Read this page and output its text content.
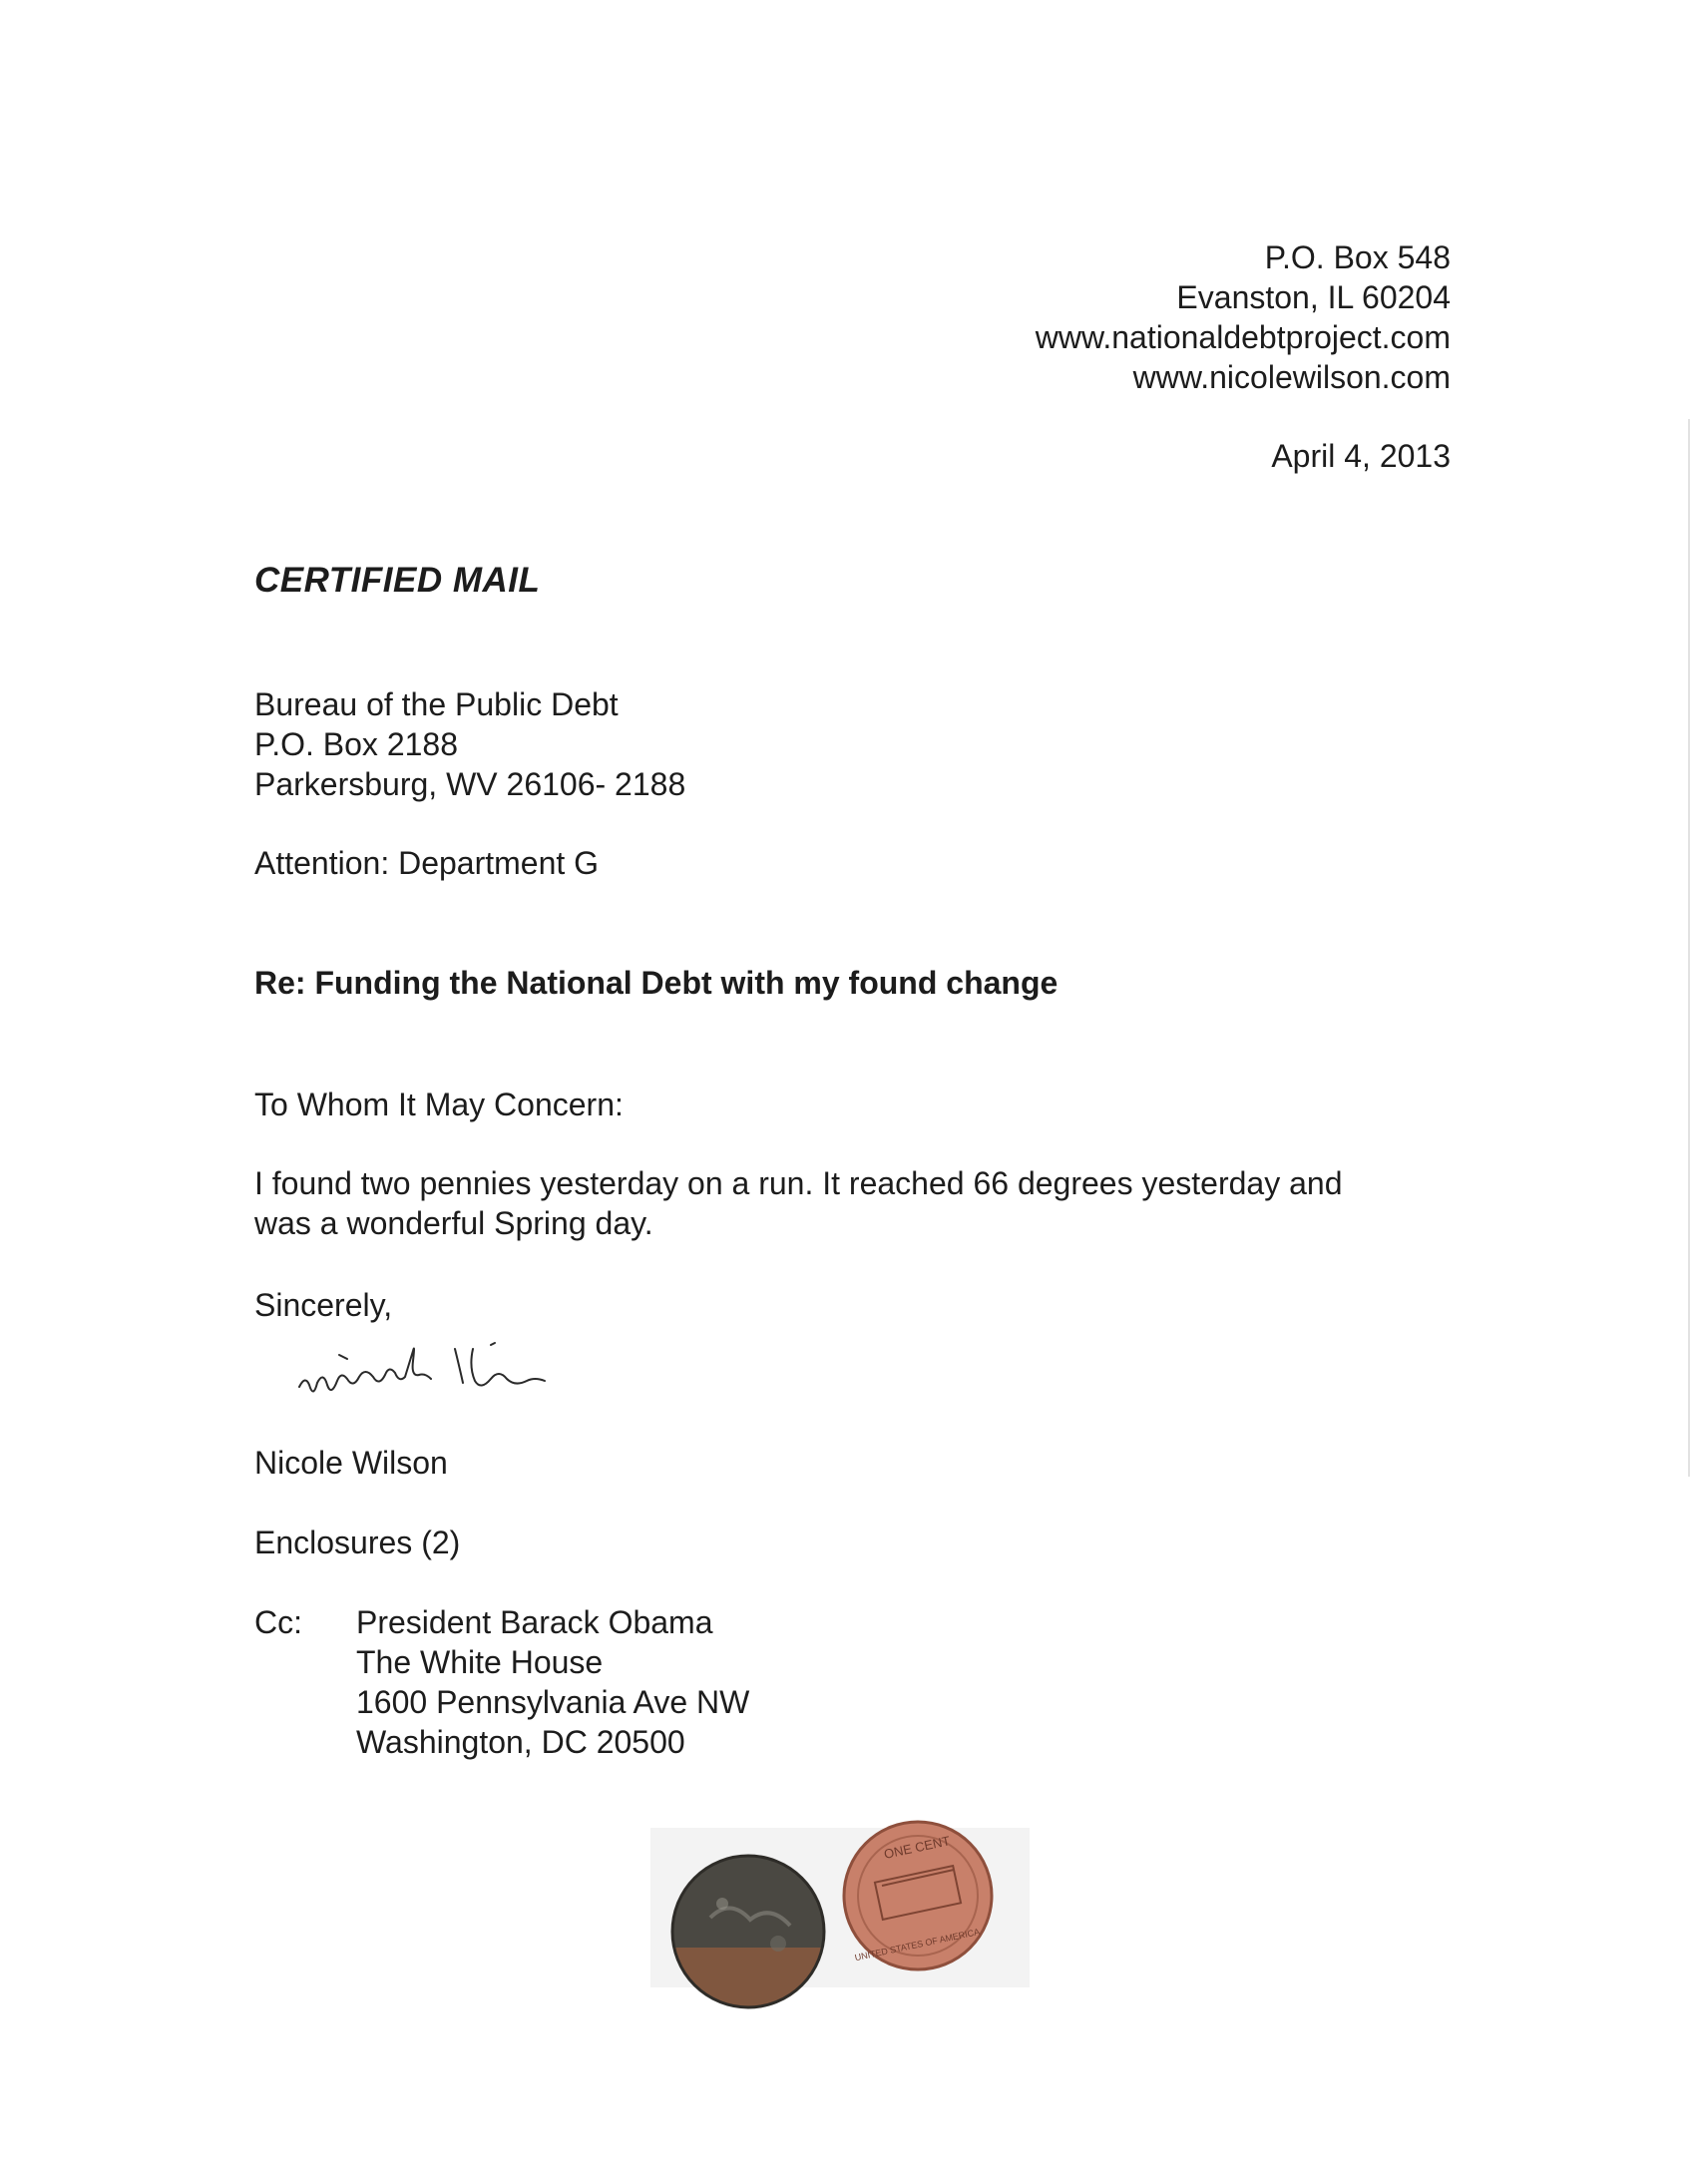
P.O. Box 548
Evanston, IL 60204
www.nationaldebtproject.com
www.nicolewilson.com
April 4, 2013
CERTIFIED MAIL
Bureau of the Public Debt
P.O. Box 2188
Parkersburg, WV 26106- 2188
Attention: Department G
Re: Funding the National Debt with my found change
To Whom It May Concern:
I found two pennies yesterday on a run. It reached 66 degrees yesterday and
was a wonderful Spring day.
Sincerely,
Nicole Wilson
Enclosures (2)
Cc: President Barack Obama
The White House
1600 Pennsylvania Ave NW
Washington, DC 20500
ONE CENT
UNITED STATES OF AMERICA
